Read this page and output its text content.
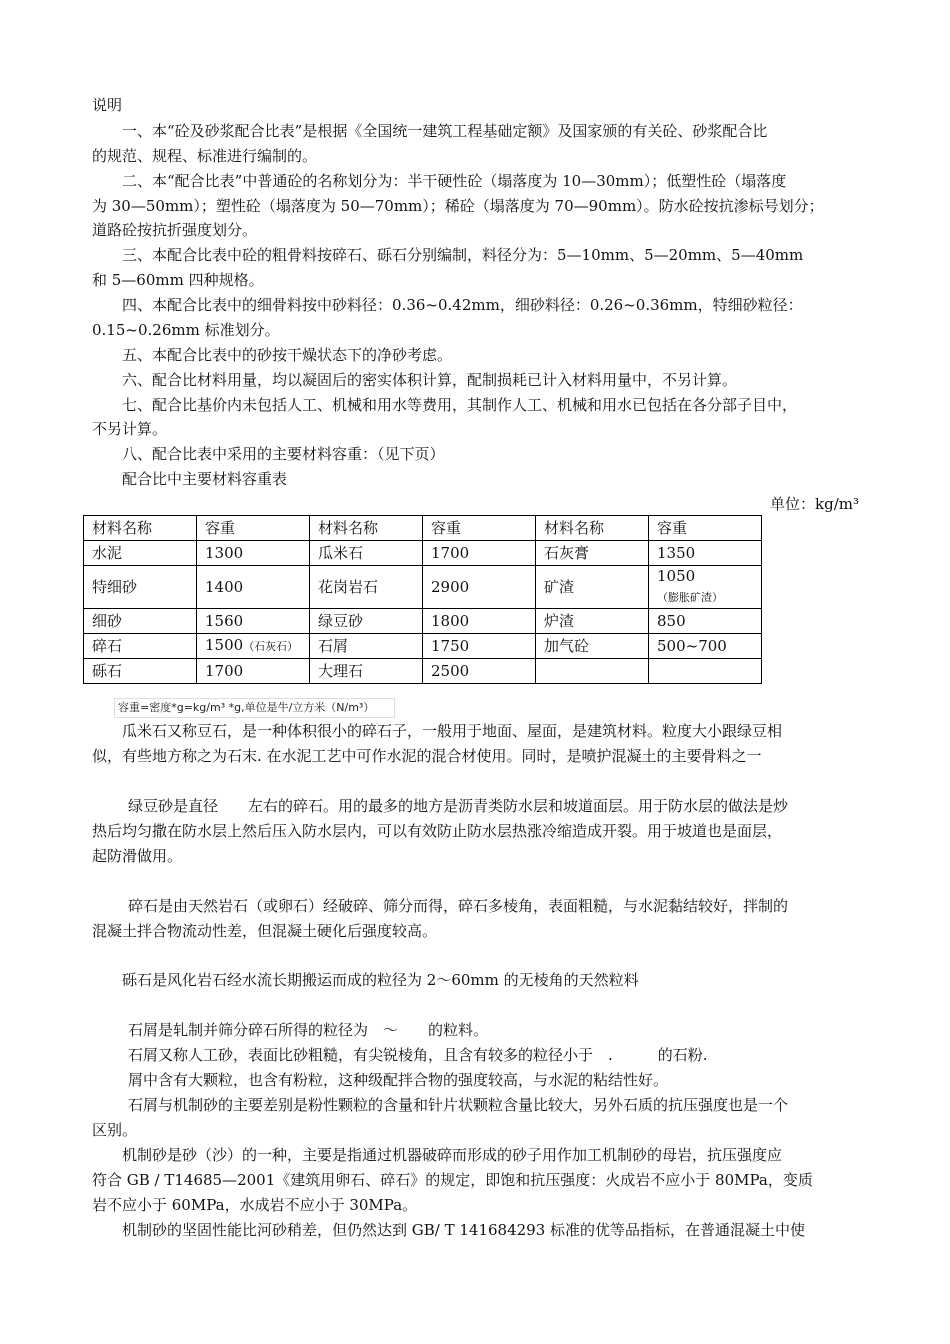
说明
一、本“砼及砂浆配合比表”是根据《全国统一建筑工程基础定额》及国家颁的有关砼、砂浆配合比
的规范、规程、标准进行编制的。
二、本“配合比表”中普通砼的名称划分为：半干硬性砼（塌落度为 10—30mm）；低塑性砼（塌落度
为 30—50mm）；塑性砼（塌落度为 50—70mm）；稀砼（塌落度为 70—90mm）。防水砼按抗渗标号划分；
道路砼按抗折强度划分。
三、本配合比表中砼的粗骨料按碎石、砾石分别编制，料径分为：5—10mm、5—20mm、5—40mm
和 5—60mm 四种规格。
四、本配合比表中的细骨料按中砂料径：0.36~0.42mm，细砂料径：0.26~0.36mm，特细砂粒径：
0.15~0.26mm 标准划分。
五、本配合比表中的砂按干燥状态下的净砂考虑。
六、配合比材料用量，均以凝固后的密实体积计算，配制损耗已计入材料用量中，不另计算。
七、配合比基价内未包括人工、机械和用水等费用，其制作人工、机械和用水已包括在各分部子目中，
不另计算。
八、配合比表中采用的主要材料容重：（见下页）
配合比中主要材料容重表
单位：kg/m³
材料名称	容重	材料名称	容重	材料名称	容重
水泥	1300	瓜米石	1700	石灰膏	1350
特细砂	1400	花岗岩石	2900	矿渣	1050（膨胀矿渣）
细砂	1560	绿豆砂	1800	炉渣	850
碎石	1500（石灰石）	石屑	1750	加气砼	500~700
砾石	1700	大理石	2500		
容重=密度*g=kg/m³ *g,单位是牛/立方米（N/m³）
瓜米石又称豆石，是一种体积很小的碎石子，一般用于地面、屋面，是建筑材料。粒度大小跟绿豆相
似，有些地方称之为石末. 在水泥工艺中可作水泥的混合材使用。同时，是喷护混凝土的主要骨料之一
绿豆砂是直径　　左右的碎石。用的最多的地方是沥青类防水层和坡道面层。用于防水层的做法是炒
热后均匀撒在防水层上然后压入防水层内，可以有效防止防水层热涨冷缩造成开裂。用于坡道也是面层，
起防滑做用。
碎石是由天然岩石（或卵石）经破碎、筛分而得，碎石多棱角，表面粗糙，与水泥黏结较好，拌制的
混凝土拌合物流动性差，但混凝土硬化后强度较高。
砾石是风化岩石经水流长期搬运而成的粒径为 2～60mm 的无棱角的天然粒料
石屑是轧制并筛分碎石所得的粒径为　～　　的粒料。
石屑又称人工砂，表面比砂粗糙，有尖锐棱角，且含有较多的粒径小于　.　　　的石粉.
屑中含有大颗粒，也含有粉粒，这种级配拌合物的强度较高，与水泥的粘结性好。
石屑与机制砂的主要差别是粉性颗粒的含量和针片状颗粒含量比较大，另外石质的抗压强度也是一个
区别。
机制砂是砂（沙）的一种，主要是指通过机器破碎而形成的砂子用作加工机制砂的母岩，抗压强度应
符合 GB / T14685—2001《建筑用卵石、碎石》的规定，即饱和抗压强度：火成岩不应小于 80MPa，变质
岩不应小于 60MPa，水成岩不应小于 30MPa。
机制砂的坚固性能比河砂稍差，但仍然达到 GB/ T 141684293 标准的优等品指标，在普通混凝土中使
